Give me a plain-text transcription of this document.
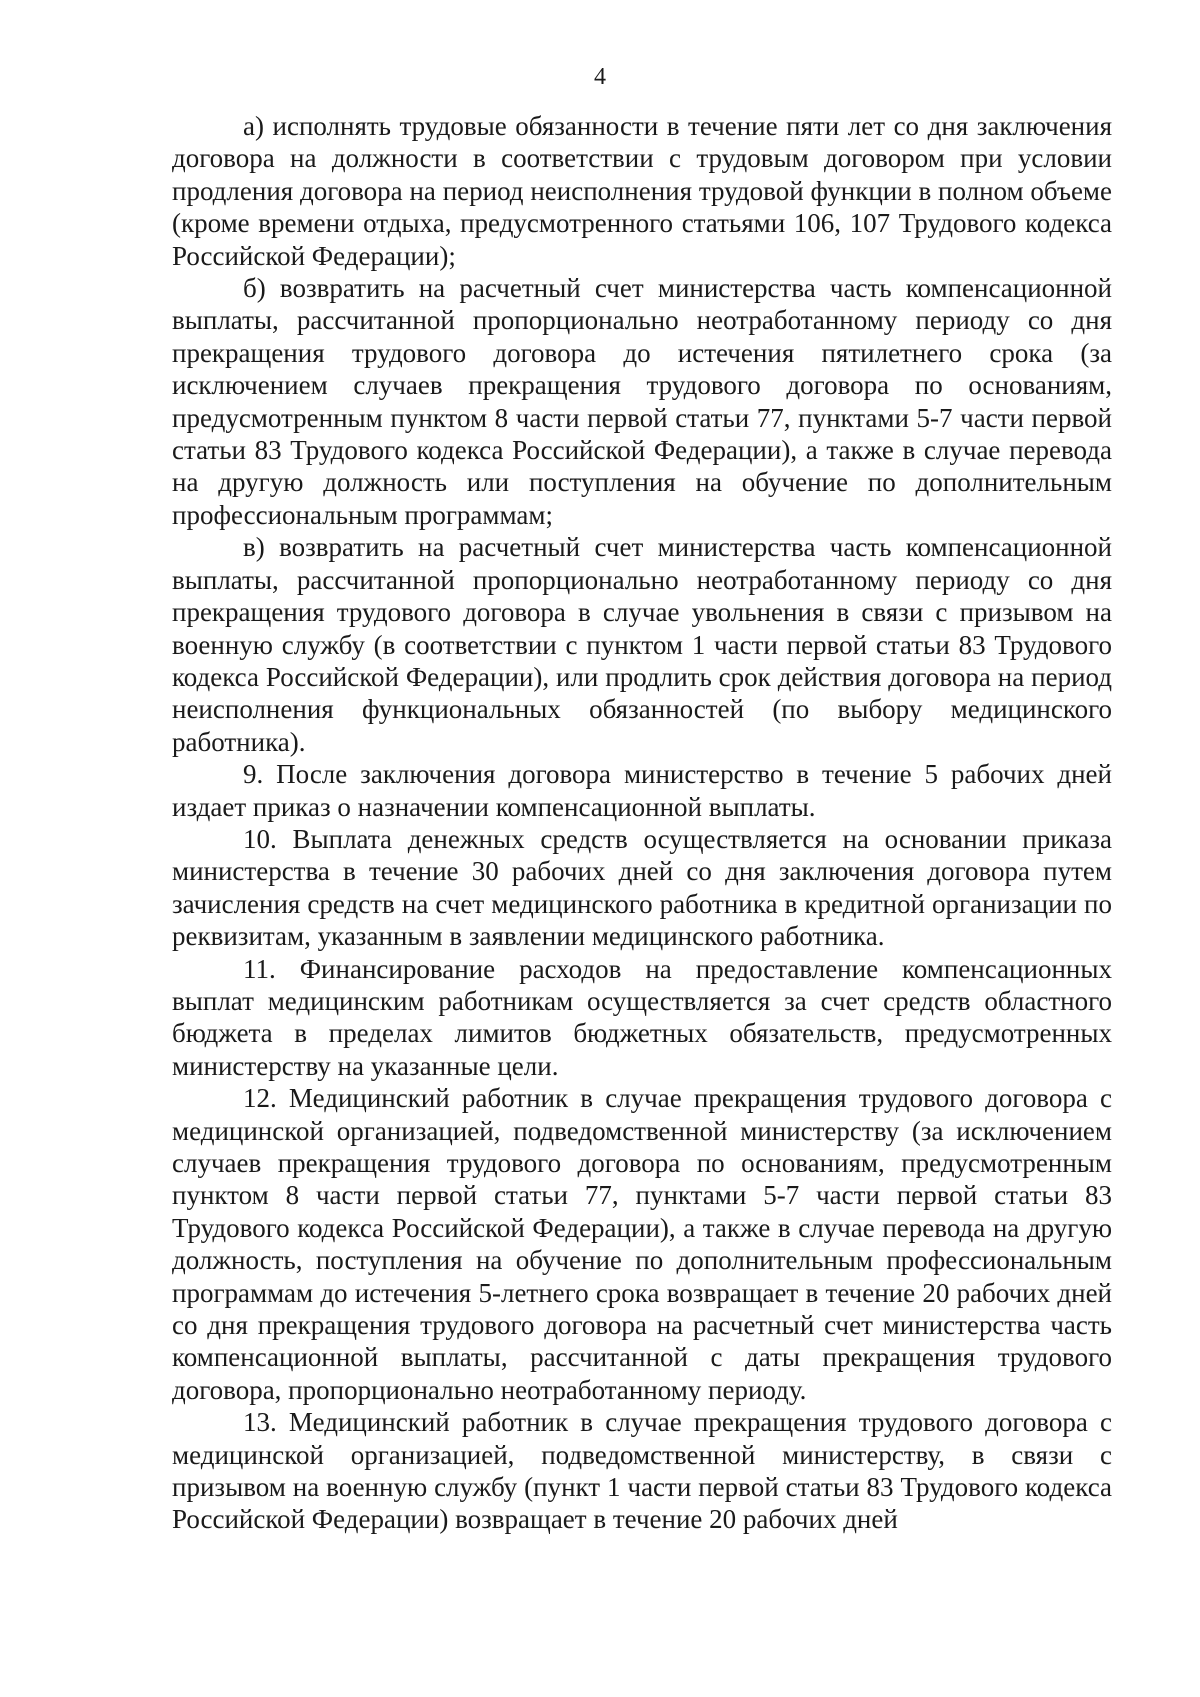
4

а) исполнять трудовые обязанности в течение пяти лет со дня заключения договора на должности в соответствии с трудовым договором при условии продления договора на период неисполнения трудовой функции в полном объеме (кроме времени отдыха, предусмотренного статьями 106, 107 Трудового кодекса Российской Федерации);

б) возвратить на расчетный счет министерства часть компенсационной выплаты, рассчитанной пропорционально неотработанному периоду со дня прекращения трудового договора до истечения пятилетнего срока (за исключением случаев прекращения трудового договора по основаниям, предусмотренным пунктом 8 части первой статьи 77, пунктами 5-7 части первой статьи 83 Трудового кодекса Российской Федерации), а также в случае перевода на другую должность или поступления на обучение по дополнительным профессиональным программам;

в) возвратить на расчетный счет министерства часть компенсационной выплаты, рассчитанной пропорционально неотработанному периоду со дня прекращения трудового договора в случае увольнения в связи с призывом на военную службу (в соответствии с пунктом 1 части первой статьи 83 Трудового кодекса Российской Федерации), или продлить срок действия договора на период неисполнения функциональных обязанностей (по выбору медицинского работника).

9. После заключения договора министерство в течение 5 рабочих дней издает приказ о назначении компенсационной выплаты.

10. Выплата денежных средств осуществляется на основании приказа министерства в течение 30 рабочих дней со дня заключения договора путем зачисления средств на счет медицинского работника в кредитной организации по реквизитам, указанным в заявлении медицинского работника.

11. Финансирование расходов на предоставление компенсационных выплат медицинским работникам осуществляется за счет средств областного бюджета в пределах лимитов бюджетных обязательств, предусмотренных министерству на указанные цели.

12. Медицинский работник в случае прекращения трудового договора с медицинской организацией, подведомственной министерству (за исключением случаев прекращения трудового договора по основаниям, предусмотренным пунктом 8 части первой статьи 77, пунктами 5-7 части первой статьи 83 Трудового кодекса Российской Федерации), а также в случае перевода на другую должность, поступления на обучение по дополнительным профессиональным программам до истечения 5-летнего срока возвращает в течение 20 рабочих дней со дня прекращения трудового договора на расчетный счет министерства часть компенсационной выплаты, рассчитанной с даты прекращения трудового договора, пропорционально неотработанному периоду.

13. Медицинский работник в случае прекращения трудового договора с медицинской организацией, подведомственной министерству, в связи с призывом на военную службу (пункт 1 части первой статьи 83 Трудового кодекса Российской Федерации) возвращает в течение 20 рабочих дней
